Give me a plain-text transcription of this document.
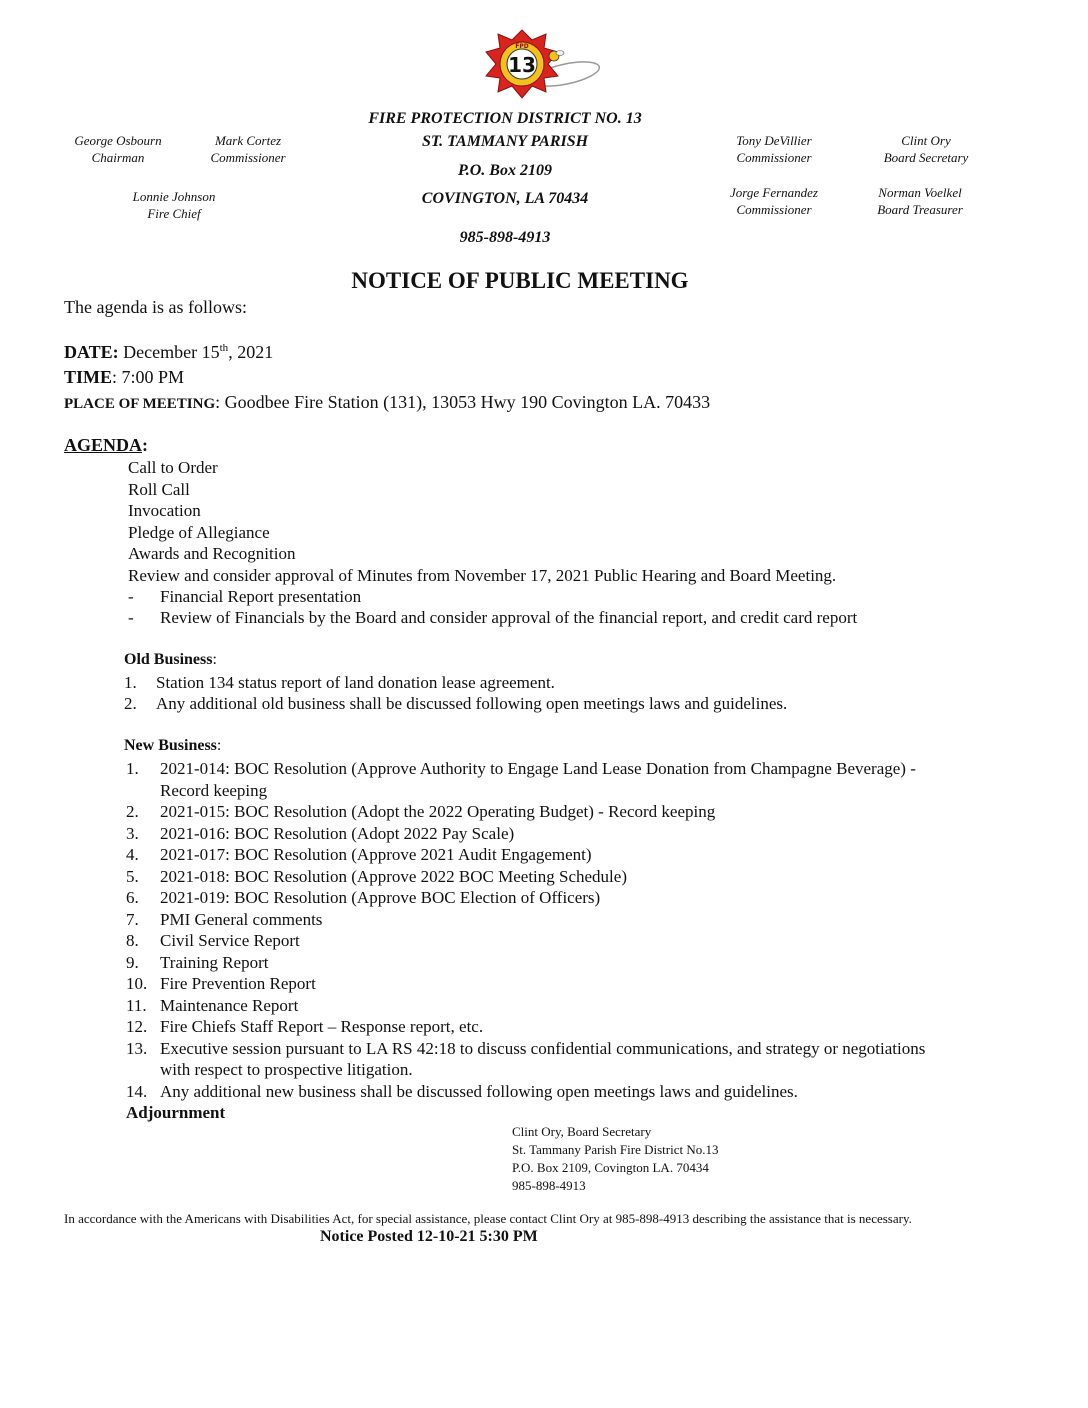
13
FPD
FIRE PROTECTION DISTRICT NO. 13
ST. TAMMANY PARISH
P.O. Box 2109
COVINGTON, LA 70434
985-898-4913
George Osbourn
Chairman
Mark Cortez
Commissioner
Lonnie Johnson
Fire Chief
Tony DeVillier
Commissioner
Clint Ory
Board Secretary
Jorge Fernandez
Commissioner
Norman Voelkel
Board Treasurer
NOTICE OF PUBLIC MEETING
The agenda is as follows:
DATE: December 15th, 2021
TIME: 7:00 PM
PLACE OF MEETING: Goodbee Fire Station (131), 13053 Hwy 190 Covington LA. 70433
AGENDA:
Call to Order
Roll Call
Invocation
Pledge of Allegiance
Awards and Recognition
Review and consider approval of Minutes from November 17, 2021 Public Hearing and Board Meeting.
- Financial Report presentation
- Review of Financials by the Board and consider approval of the financial report, and credit card report
Old Business:
1. Station 134 status report of land donation lease agreement.
2. Any additional old business shall be discussed following open meetings laws and guidelines.
New Business:
1.	2021-014: BOC Resolution (Approve Authority to Engage Land Lease Donation from Champagne Beverage) -
Record keeping
2.	2021-015: BOC Resolution (Adopt the 2022 Operating Budget) - Record keeping
3.	2021-016: BOC Resolution (Adopt 2022 Pay Scale)
4.	2021-017: BOC Resolution (Approve 2021 Audit Engagement)
5.	2021-018: BOC Resolution (Approve 2022 BOC Meeting Schedule)
6.	2021-019: BOC Resolution (Approve BOC Election of Officers)
7.	PMI General comments
8.	Civil Service Report
9.	Training Report
10. Fire Prevention Report
11. Maintenance Report
12. Fire Chiefs Staff Report – Response report, etc.
13. Executive session pursuant to LA RS 42:18 to discuss confidential communications, and strategy or negotiations
with respect to prospective litigation.
14. Any additional new business shall be discussed following open meetings laws and guidelines.
Adjournment
Clint Ory, Board Secretary
St. Tammany Parish Fire District No.13
P.O. Box 2109, Covington LA. 70434
985-898-4913
In accordance with the Americans with Disabilities Act, for special assistance, please contact Clint Ory at 985-898-4913 describing the assistance that is necessary.
Notice Posted 12-10-21 5:30 PM
